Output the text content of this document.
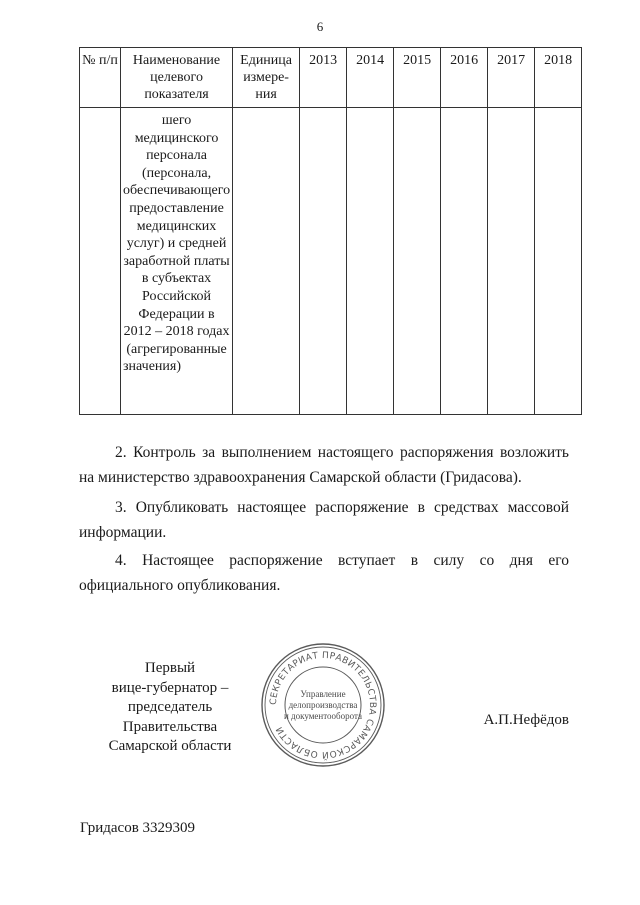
6
№ п/п	Наименование целевого показателя	Единица измере-ния	2013	2014	2015	2016	2017	2018
	шего медицинского персонала (персонала, обеспечивающего предоставление медицинских услуг) и средней заработной платы в субъектах Российской Федерации в 2012 – 2018 годах (агрегированные значения)							
2. Контроль за выполнением настоящего распоряжения возложить на министерство здравоохранения Самарской области (Гридасова).
3. Опубликовать настоящее распоряжение в средствах массовой информации.
4. Настоящее распоряжение вступает в силу со дня его официального опубликования.
Первый
вице-губернатор –
председатель Правительства
Самарской области
СЕКРЕТАРИАТ ПРАВИТЕЛЬСТВА САМАРСКОЙ ОБЛАСТИ
Управление
делопроизводства
и документооборота	А.П.Нефёдов
Гридасов 3329309
